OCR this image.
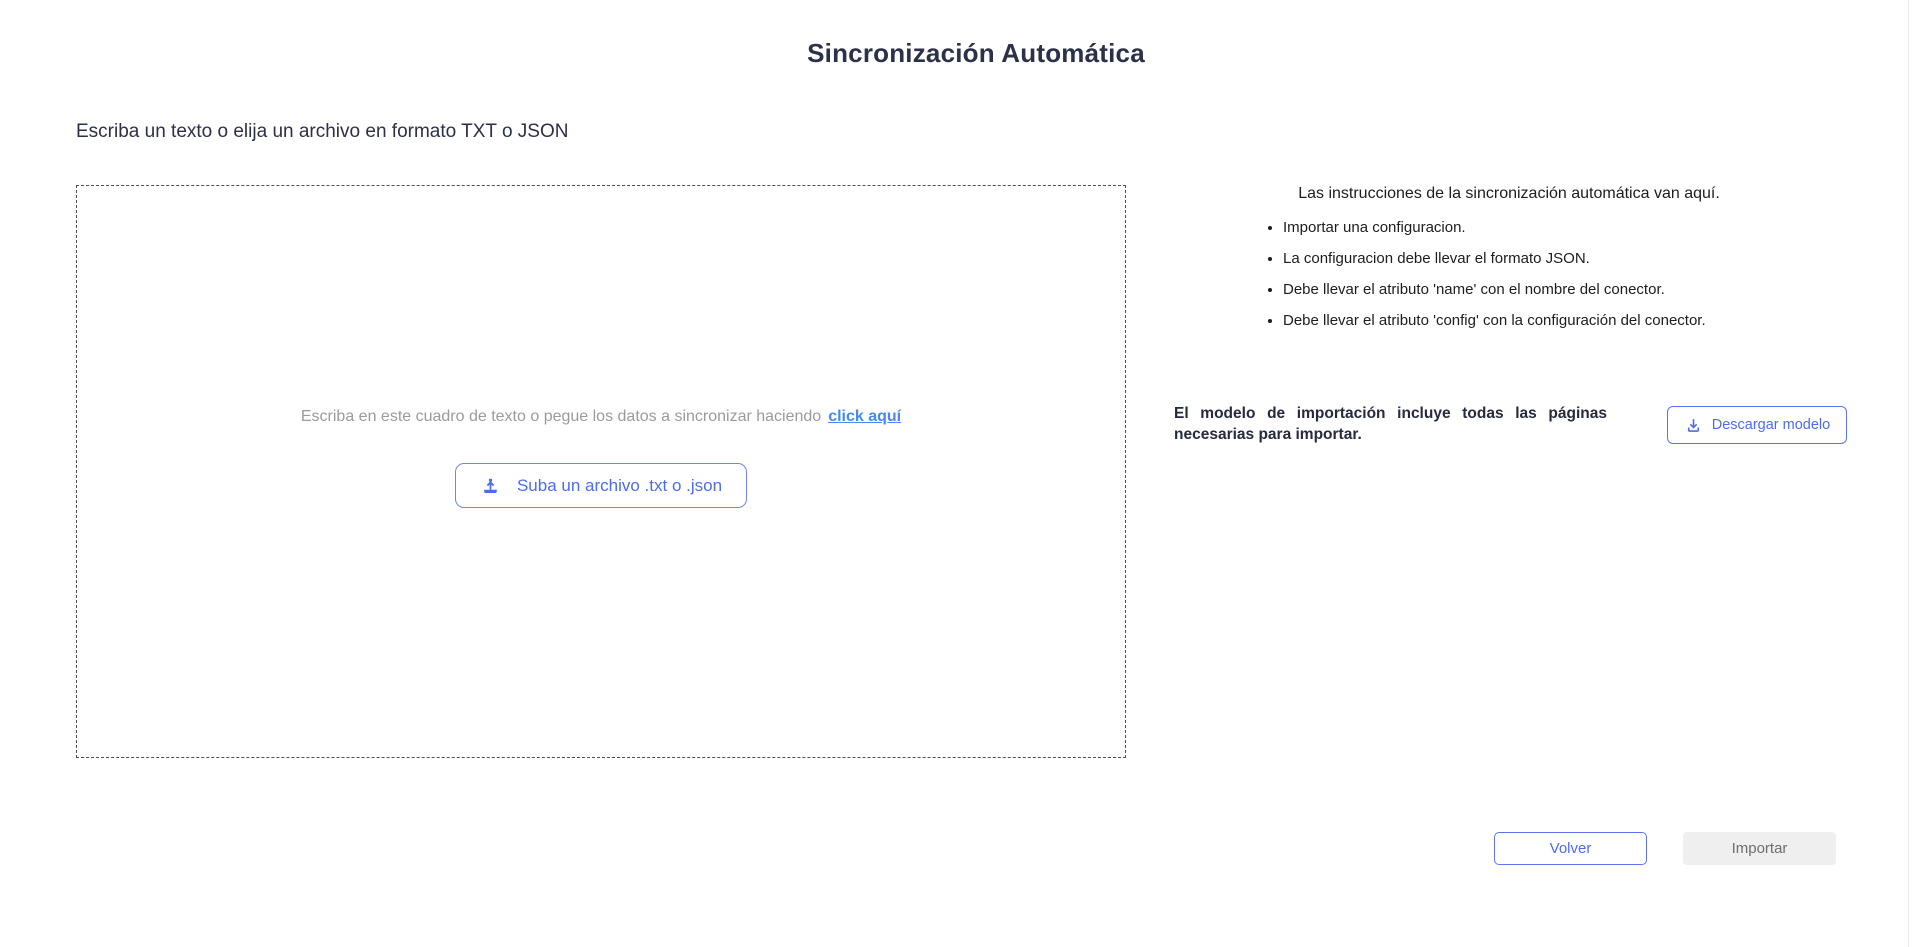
Sincronización Automática
Escriba un texto o elija un archivo en formato TXT o JSON

Escriba en este cuadro de texto o pegue los datos a sincronizar haciendo click aquí

Suba un archivo .txt o .json
Las instrucciones de la sincronización automática van aquí.
• Importar una configuracion.
• La configuracion debe llevar el formato JSON.
• Debe llevar el atributo 'name' con el nombre del conector.
• Debe llevar el atributo 'config' con la configuración del conector.

El modelo de importación incluye todas las páginas necesarias para importar.

Descargar modelo
Volver	Importar
